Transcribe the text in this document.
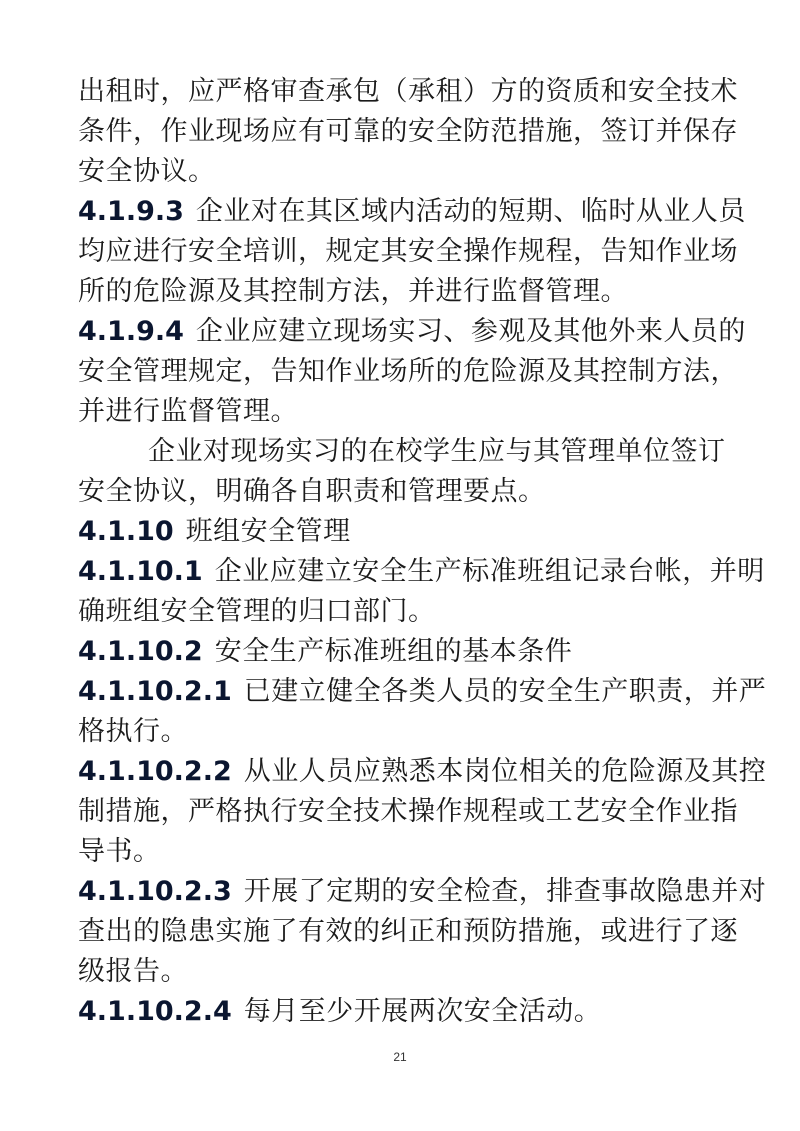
出租时，应严格审查承包（承租）方的资质和安全技术
条件，作业现场应有可靠的安全防范措施，签订并保存
安全协议。
4.1.9.3 企业对在其区域内活动的短期、临时从业人员
均应进行安全培训，规定其安全操作规程，告知作业场
所的危险源及其控制方法，并进行监督管理。
4.1.9.4 企业应建立现场实习、参观及其他外来人员的
安全管理规定，告知作业场所的危险源及其控制方法，
并进行监督管理。
企业对现场实习的在校学生应与其管理单位签订
安全协议，明确各自职责和管理要点。
4.1.10 班组安全管理
4.1.10.1 企业应建立安全生产标准班组记录台帐，并明
确班组安全管理的归口部门。
4.1.10.2 安全生产标准班组的基本条件
4.1.10.2.1 已建立健全各类人员的安全生产职责，并严
格执行。
4.1.10.2.2 从业人员应熟悉本岗位相关的危险源及其控
制措施，严格执行安全技术操作规程或工艺安全作业指
导书。
4.1.10.2.3 开展了定期的安全检查，排查事故隐患并对
查出的隐患实施了有效的纠正和预防措施，或进行了逐
级报告。
4.1.10.2.4 每月至少开展两次安全活动。
21
